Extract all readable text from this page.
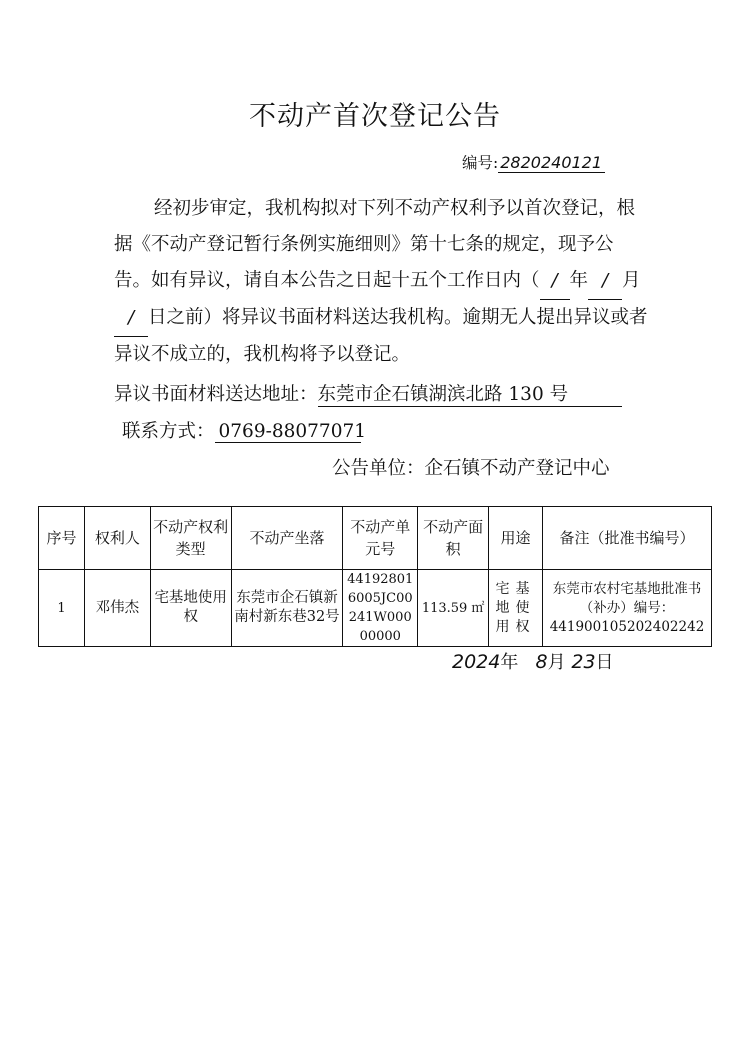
不动产首次登记公告
编号: 2820240121
经初步审定，我机构拟对下列不动产权利予以首次登记，根据《不动产登记暂行条例实施细则》第十七条的规定，现予公告。如有异议，请自本公告之日起十五个工作日内（ / 年 / 月/ 日之前）将异议书面材料送达我机构。逾期无人提出异议或者异议不成立的，我机构将予以登记。
异议书面材料送达地址：东莞市企石镇湖滨北路 130 号
联系方式： 0769-88077071
公告单位：企石镇不动产登记中心
序号	权利人	不动产权利类型	不动产坐落	不动产单元号	不动产面积	用途	备注（批准书编号）
1	邓伟杰	宅基地使用权	东莞市企石镇新南村新东巷32号	441928016005JC00241W00000000	113.59 ㎡	宅基地使用权	东莞市农村宅基地批准书（补办）编号：441900105202402242
2024年 8月 23日
